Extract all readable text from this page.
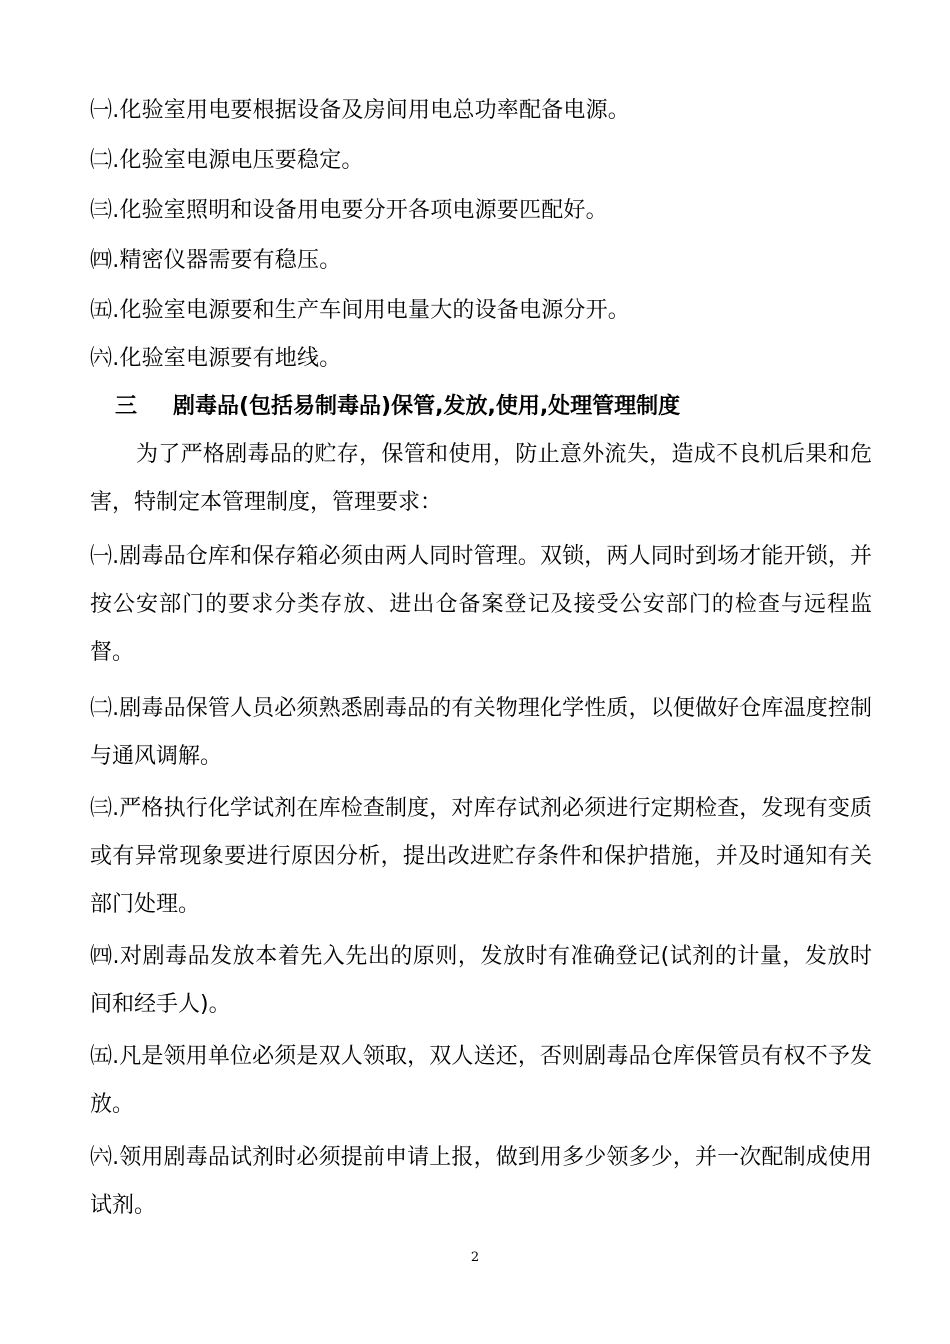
㈠.化验室用电要根据设备及房间用电总功率配备电源。
㈡.化验室电源电压要稳定。
㈢.化验室照明和设备用电要分开各项电源要匹配好。
㈣.精密仪器需要有稳压。
㈤.化验室电源要和生产车间用电量大的设备电源分开。
㈥.化验室电源要有地线。
三 剧毒品(包括易制毒品)保管,发放,使用,处理管理制度
为了严格剧毒品的贮存，保管和使用，防止意外流失，造成不良机后果和危害，特制定本管理制度，管理要求：
㈠.剧毒品仓库和保存箱必须由两人同时管理。双锁，两人同时到场才能开锁，并按公安部门的要求分类存放、进出仓备案登记及接受公安部门的检查与远程监督。
㈡.剧毒品保管人员必须熟悉剧毒品的有关物理化学性质，以便做好仓库温度控制与通风调解。
㈢.严格执行化学试剂在库检查制度，对库存试剂必须进行定期检查，发现有变质或有异常现象要进行原因分析，提出改进贮存条件和保护措施，并及时通知有关部门处理。
㈣.对剧毒品发放本着先入先出的原则，发放时有准确登记(试剂的计量，发放时间和经手人)。
㈤.凡是领用单位必须是双人领取，双人送还，否则剧毒品仓库保管员有权不予发放。
㈥.领用剧毒品试剂时必须提前申请上报，做到用多少领多少，并一次配制成使用试剂。
2
